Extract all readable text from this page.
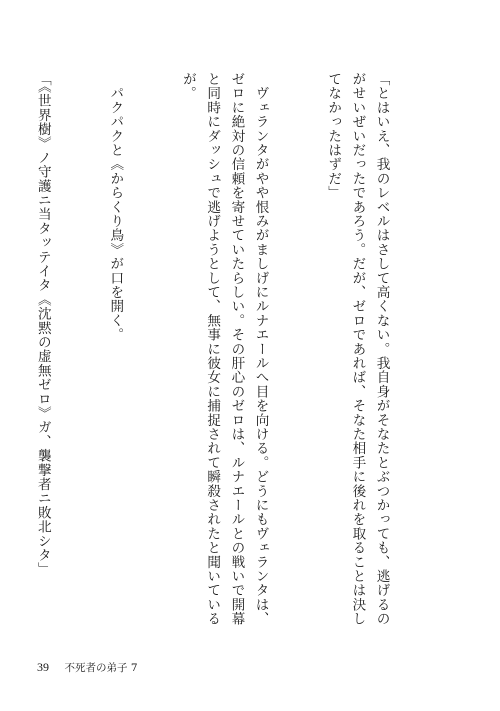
「とはいえ、我のレベルはさして高くない。我自身がそなたとぶつかっても、逃げるのがせいぜいだったであろう。だが、ゼロであれば、そなた相手に後れを取ることは決してなかったはずだ」

　ヴェランタがやや恨みがましげにルナエールへ目を向ける。どうにもヴェランタは、ゼロに絶対の信頼を寄せていたらしい。その肝心のゼロは、ルナエールとの戦いで開幕と同時にダッシュで逃げようとして、無事に彼女に捕捉されて瞬殺されたと聞いているが。

　パクパクと《からくり鳥》が口を開く。

「《世界樹》ノ守護ニ当タッテイタ《沈黙の虚無ゼロ》ガ、襲撃者ニ敗北シタ」

39 不死者の弟子 7
